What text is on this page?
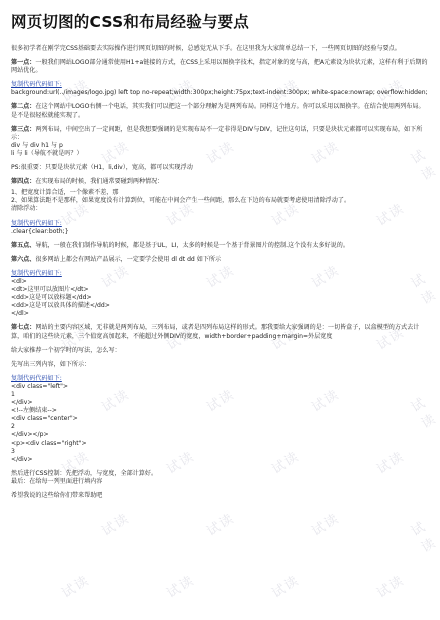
试读	试读	试读	试读
试读	试读	试读	试读
试读	试读	试读	试读
试读	试读	试读	试读
试读	试读	试读	试读
试读	试读	试读	试读
试读	试读	试读	试读
试读	试读	试读	试读
试读	试读	试读	试读
网页切图的CSS和布局经验与要点

很多初学者在刚学完CSS基础要去实际操作进行网页切图的时候，总感觉无从下手。在这里我为大家简单总结一下，一些网页切图的经验与要点。

第一点：一般我们网站LOGO部分通常使用H1+a链接的方式，在CSS上采用以图换字技术，指定对象的宽与高，把A元素设为块状元素，这样有利于后期的网站优化。

复制代码代码如下:

background:url(../images/logo.jpg) left top no-repeat;width:300px;height:75px;text-indent:300px; white-space:nowrap; overflow:hidden;

第二点：在这个网站中LOGO右侧一个电话，其实我们可以把这一个部分理解为是两列布局。同样这个地方。你可以采用以图换字。在结合使用两列布局。是不是很轻松就能实现了。

第三点：两列布局，中间空出了一定间距，但是我想要强调的是实现布局不一定非得是DIV与DIV，记住这句话，只要是块状元素都可以实现布局，如下所示：

div 与 div h1 与 p

li 与 li（导航不就是吗？）

PS:很重要：只要是块状元素（H1，li,div），宽高，都可以实现浮动

第四点：在实现布局的时候，我们通常要碰到两种情况：

1、把宽度计算合适，一个像素不差，那

2、如果算法距不是那样，如果宽度没有计算到位，可能在中间会产生一些间距，那么在下边的布局就要考虑使用清除浮动了。

清除浮动：

复制代码代码如下:

.clear{clear:both;}

第五点、导航，一般在我们制作导航的时候，都是基于UL，LI，太多的时候是一个基于背景图片的控制.这个没有太多好说的。

第六点、很多网站上都会有网站产品展示，一定要学会使用 dl dt dd 如下所示

复制代码代码如下:

<dl>
<dt>这里可以放图片</dt>
<dd>这是可以放标题</dd>
<dd>这是可以放具体的描述</dd>
</dl>

第七点：网站的主要内容区域，无非就是两列布局，三列布局，或者是四列布局这样的形式。那我要给大家强调的是：一切皆盒子，以盒模型的方式去计算，咱们的这些块元素，三个值宽高加起来，不能超过外侧DIV的宽度，width+border+padding+margin=外层宽度

给大家推荐一个初学时的写法，怎么写：

先写出三列内容，如下所示：

复制代码代码如下:

<div class="left">
1
</div>
<!--左侧结束-->
<div class="center">
2
</div></p>
<p><div class="right">
3
</div>

然后进行CSS控制：先把浮动，与宽度，全部计算好。

最后：在给每一列里面进行填内容

希望我说的这些给你们带来帮助吧
